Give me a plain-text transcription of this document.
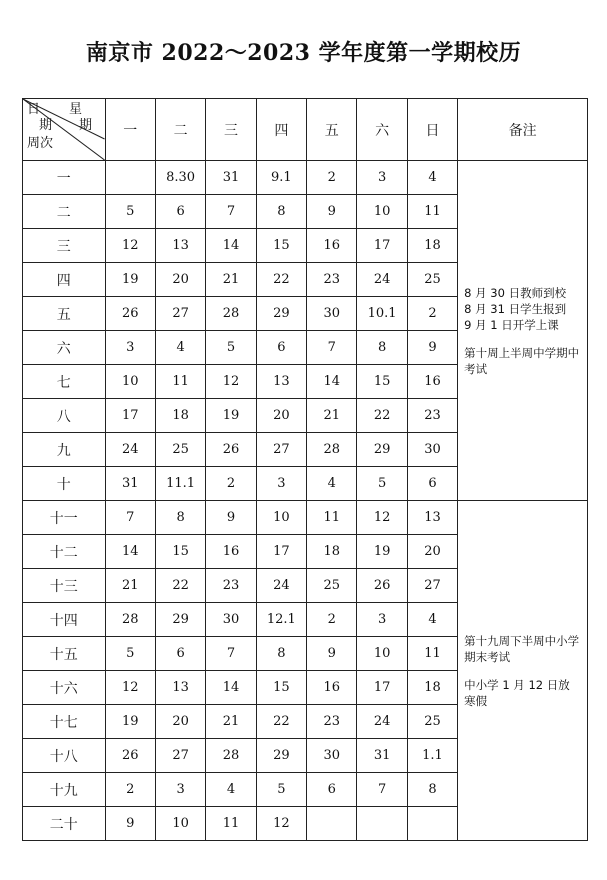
南京市 2022～2023 学年度第一学期校历
日 星
期 期
周次	一	二	三	四	五	六	日	备注
一		8.30	31	9.1	2	3	4	8 月 30 日教师到校
8 月 31 日学生报到
9 月 1 日开学上课

第十周上半周中学期中考试

二	5	6	7	8	9	10	11	
三	12	13	14	15	16	17	18	
四	19	20	21	22	23	24	25	
五	26	27	28	29	30	10.1	2	
六	3	4	5	6	7	8	9	
七	10	11	12	13	14	15	16	
八	17	18	19	20	21	22	23	
九	24	25	26	27	28	29	30	
十	31	11.1	2	3	4	5	6	
十一	7	8	9	10	11	12	13	第十九周下半周中小学期末考试

中小学 1 月 12 日放寒假

十二	14	15	16	17	18	19	20	
十三	21	22	23	24	25	26	27	
十四	28	29	30	12.1	2	3	4	
十五	5	6	7	8	9	10	11	
十六	12	13	14	15	16	17	18	
十七	19	20	21	22	23	24	25	
十八	26	27	28	29	30	31	1.1	
十九	2	3	4	5	6	7	8	
二十	9	10	11	12				
